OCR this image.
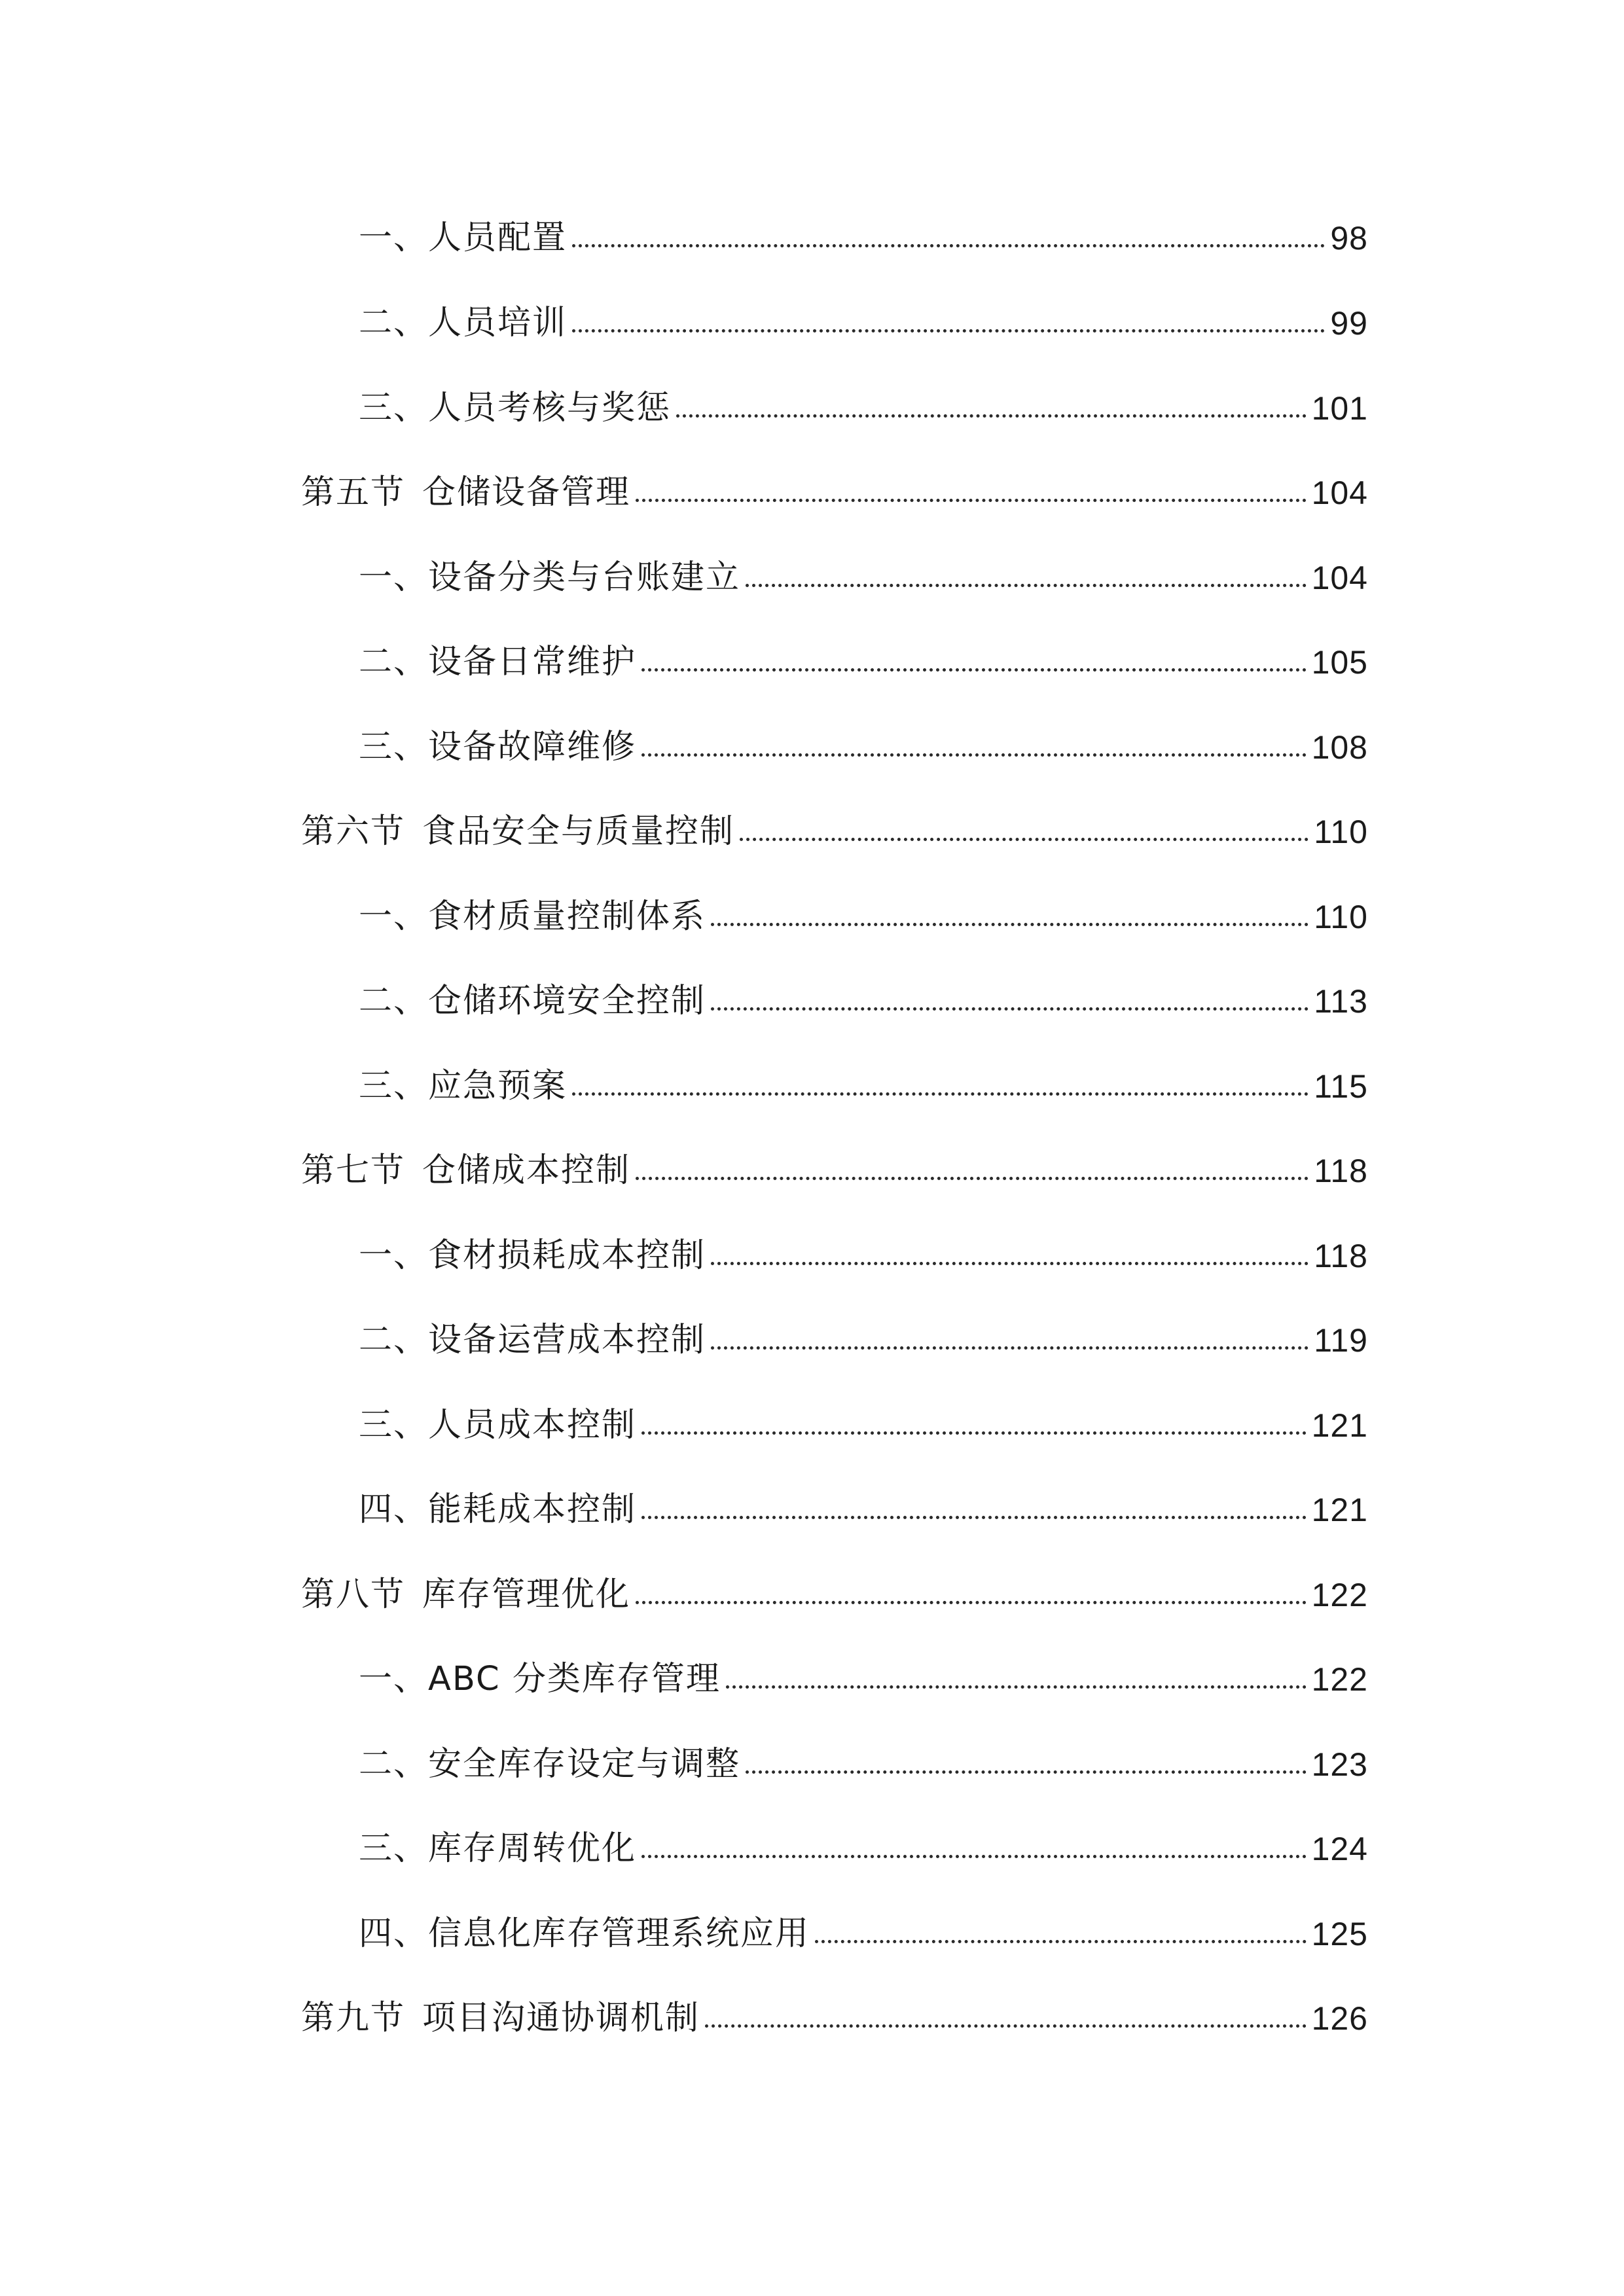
一、 人员配置	98
二、 人员培训	99
三、 人员考核与奖惩	101
第五节 仓储设备管理	104
一、 设备分类与台账建立	104
二、 设备日常维护	105
三、 设备故障维修	108
第六节 食品安全与质量控制	110
一、 食材质量控制体系	110
二、 仓储环境安全控制	113
三、 应急预案	115
第七节 仓储成本控制	118
一、 食材损耗成本控制	118
二、 设备运营成本控制	119
三、 人员成本控制	121
四、 能耗成本控制	121
第八节 库存管理优化	122
一、 ABC 分类库存管理	122
二、 安全库存设定与调整	123
三、 库存周转优化	124
四、 信息化库存管理系统应用	125
第九节 项目沟通协调机制	126
